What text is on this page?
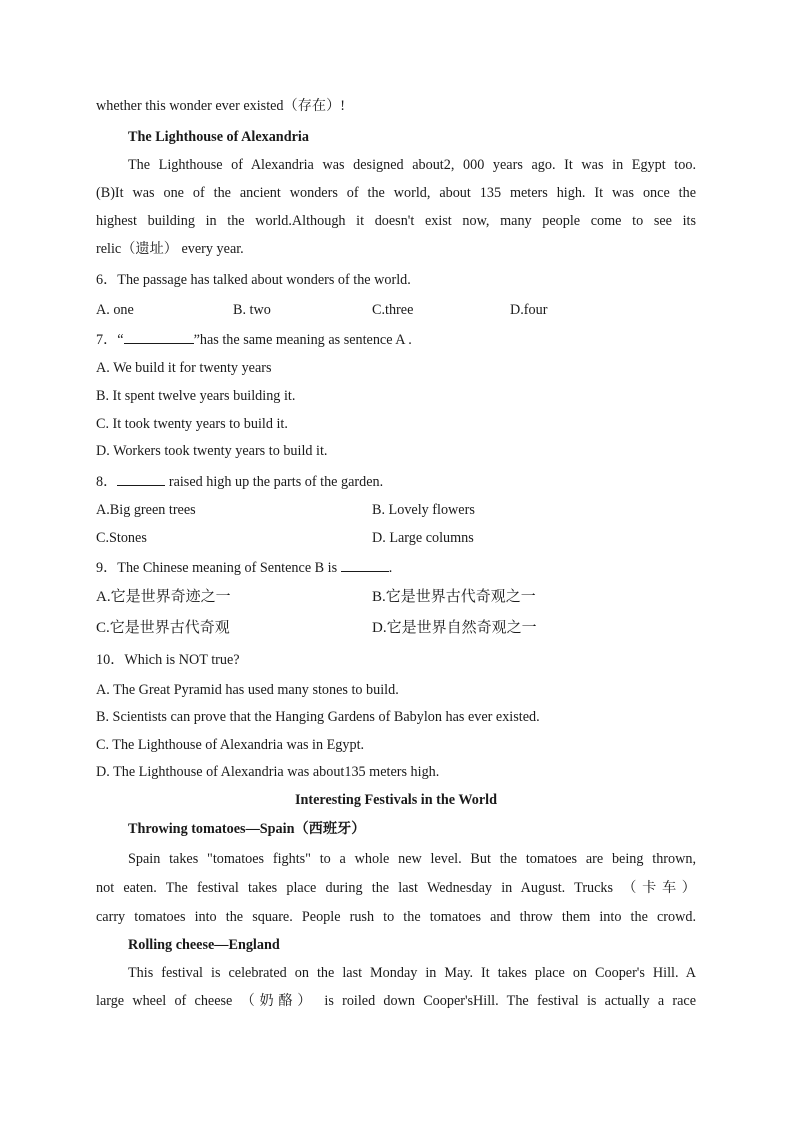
whether this wonder ever existed（存在）!
The Lighthouse of Alexandria
The Lighthouse of Alexandria was designed about2, 000 years ago. It was in Egypt too.
(B)It was one of the ancient wonders of the world, about 135 meters high. It was once the
highest building in the world.Although it doesn't exist now, many people come to see its
relic（遗址） every year.
6．The passage has talked about wonders of the world.
A. one	B. two	C.three	D.four
7．“	”has the same meaning as sentence A .
A. We build it for twenty years
B. It spent twelve years building it.
C. It took twenty years to build it.
D. Workers took twenty years to build it.
8．	raised high up the parts of the garden.
A.Big green trees	B. Lovely flowers
C.Stones	D. Large columns
9．The Chinese meaning of Sentence B is	.
A.它是世界奇迹之一	B.它是世界古代奇观之一
C.它是世界古代奇观	D.它是世界自然奇观之一
10．Which is NOT true?
A. The Great Pyramid has used many stones to build.
B. Scientists can prove that the Hanging Gardens of Babylon has ever existed.
C. The Lighthouse of Alexandria was in Egypt.
D. The Lighthouse of Alexandria was about135 meters high.
Interesting Festivals in the World
Throwing tomatoes—Spain（西班牙）
Spain takes "tomatoes fights" to a whole new level. But the tomatoes are being thrown,
not eaten. The festival takes place during the last Wednesday in August. Trucks （卡车）
carry tomatoes into the square. People rush to the tomatoes and throw them into the crowd.
Rolling cheese—England
This festival is celebrated on the last Monday in May. It takes place on Cooper's Hill. A
large wheel of cheese （奶酪） is roiled down Cooper'sHill. The festival is actually a race
